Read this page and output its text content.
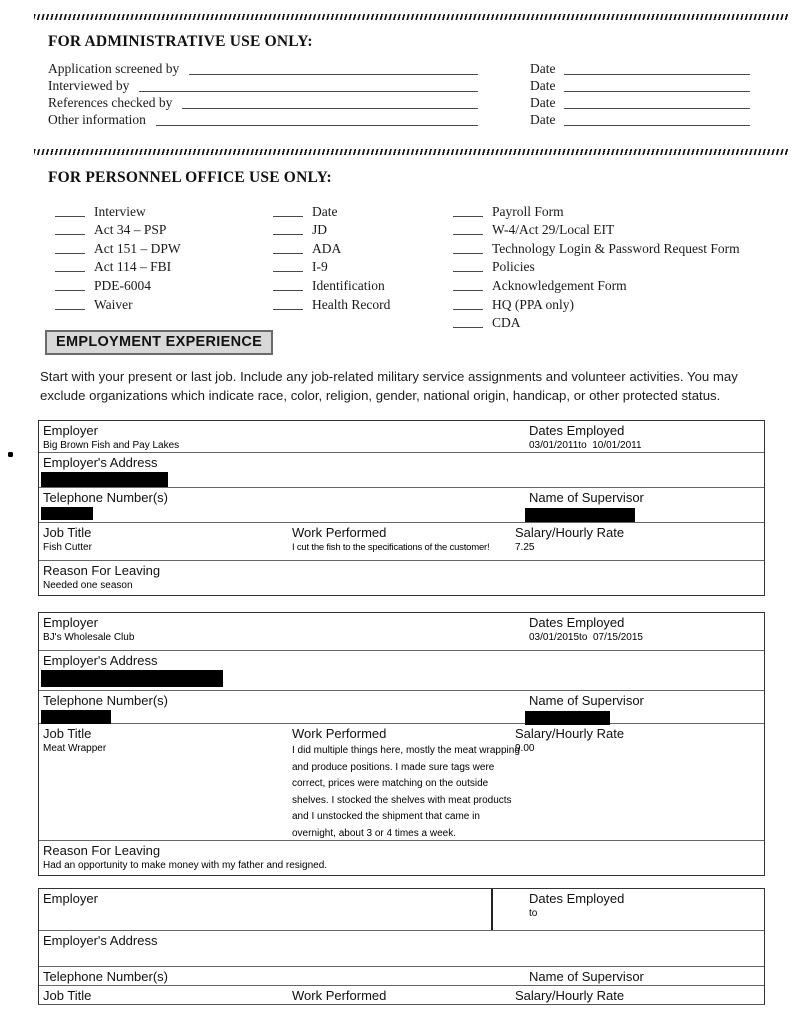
FOR ADMINISTRATIVE USE ONLY:
Application screened by	Date
Interviewed by	Date
References checked by	Date
Other information	Date
FOR PERSONNEL OFFICE USE ONLY:
Interview
Act 34 – PSP
Act 151 – DPW
Act 114 – FBI
PDE-6004
Waiver
Date
JD
ADA
I-9
Identification
Health Record
Payroll Form
W-4/Act 29/Local EIT
Technology Login & Password Request Form
Policies
Acknowledgement Form
HQ (PPA only)
CDA
EMPLOYMENT EXPERIENCE
Start with your present or last job. Include any job-related military service assignments and volunteer activities. You may exclude organizations which indicate race, color, religion, gender, national origin, handicap, or other protected status.
Employer
Big Brown Fish and Pay Lakes
Dates Employed
03/01/2011to  10/01/2011
Employer's Address
Telephone Number(s)	Name of Supervisor
Job Title
Fish Cutter
Work Performed
I cut the fish to the specifications of the customer!
Salary/Hourly Rate
7.25
Reason For Leaving
Needed one season
Employer
BJ's Wholesale Club
Dates Employed
03/01/2015to  07/15/2015
Employer's Address
Telephone Number(s)	Name of Supervisor
Job Title
Meat Wrapper
Work Performed
I did multiple things here, mostly the meat wrapping and produce positions. I made sure tags were correct, prices were matching on the outside shelves. I stocked the shelves with meat products and I unstocked the shipment that came in overnight, about 3 or 4 times a week.
Salary/Hourly Rate
9.00
Reason For Leaving
Had an opportunity to make money with my father and resigned.
Employer	Dates Employed
to
Employer's Address
Telephone Number(s)	Name of Supervisor
Job Title	Work Performed	Salary/Hourly Rate
